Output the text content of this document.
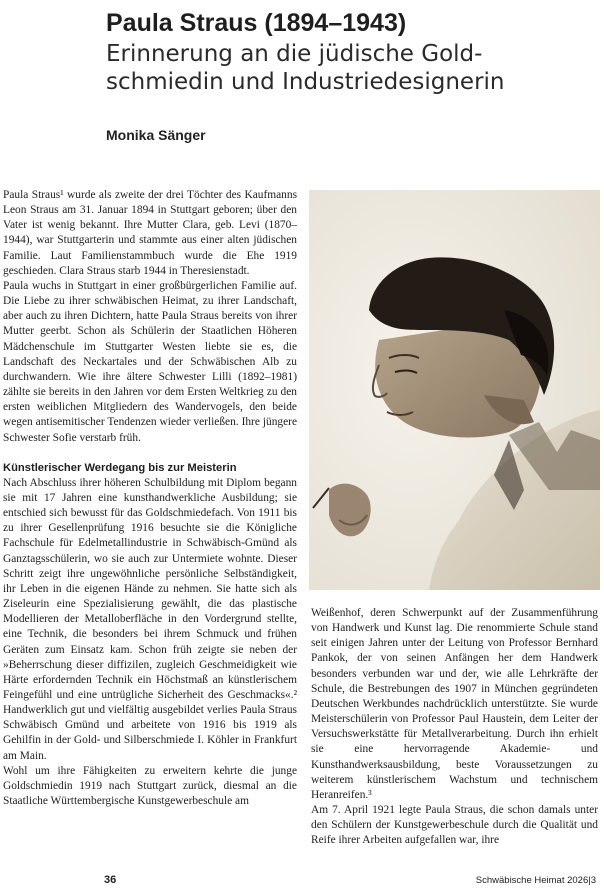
Paula Straus (1894–1943)
Erinnerung an die jüdische Gold-
schmiedin und Industriedesignerin
Monika Sänger

Paula Straus¹ wurde als zweite der drei Töchter des Kaufmanns Leon Straus am 31. Januar 1894 in Stuttgart geboren; über den Vater ist wenig bekannt. Ihre Mutter Clara, geb. Levi (1870–1944), war Stuttgarterin und stammte aus einer alten jüdischen Familie. Laut Familienstammbuch wurde die Ehe 1919 geschieden. Clara Straus starb 1944 in Theresienstadt.

Paula wuchs in Stuttgart in einer großbürgerlichen Familie auf. Die Liebe zu ihrer schwäbischen Heimat, zu ihrer Landschaft, aber auch zu ihren Dichtern, hatte Paula Straus bereits von ihrer Mutter geerbt. Schon als Schülerin der Staatlichen Höheren Mädchenschule im Stuttgarter Westen liebte sie es, die Landschaft des Neckartales und der Schwäbischen Alb zu durchwandern. Wie ihre ältere Schwester Lilli (1892–1981) zählte sie bereits in den Jahren vor dem Ersten Weltkrieg zu den ersten weiblichen Mitgliedern des Wandervogels, den beide wegen antisemitischer Tendenzen wieder verließen. Ihre jüngere Schwester Sofie verstarb früh.

Künstlerischer Werdegang bis zur Meisterin

Nach Abschluss ihrer höheren Schulbildung mit Diplom begann sie mit 17 Jahren eine kunsthandwerkliche Ausbildung; sie entschied sich bewusst für das Goldschmiedefach. Von 1911 bis zu ihrer Gesellenprüfung 1916 besuchte sie die Königliche Fachschule für Edelmetallindustrie in Schwäbisch-Gmünd als Ganztagsschülerin, wo sie auch zur Untermiete wohnte. Dieser Schritt zeigt ihre ungewöhnliche persönliche Selbständigkeit, ihr Leben in die eigenen Hände zu nehmen. Sie hatte sich als Ziseleurin eine Spezialisierung gewählt, die das plastische Modellieren der Metalloberfläche in den Vordergrund stellte, eine Technik, die besonders bei ihrem Schmuck und frühen Geräten zum Einsatz kam. Schon früh zeigte sie neben der »Beherrschung dieser diffizilen, zugleich Geschmeidigkeit wie Härte erfordernden Technik ein Höchstmaß an künstlerischem Feingefühl und eine untrügliche Sicherheit des Geschmacks«.² Handwerklich gut und vielfältig ausgebildet verlies Paula Straus Schwäbisch Gmünd und arbeitete von 1916 bis 1919 als Gehilfin in der Gold- und Silberschmiede I. Köhler in Frankfurt am Main.

Wohl um ihre Fähigkeiten zu erweitern kehrte die junge Goldschmiedin 1919 nach Stuttgart zurück, diesmal an die Staatliche Württembergische Kunstgewerbeschule am

Weißenhof, deren Schwerpunkt auf der Zusammenführung von Handwerk und Kunst lag. Die renommierte Schule stand seit einigen Jahren unter der Leitung von Professor Bernhard Pankok, der von seinen Anfängen her dem Handwerk besonders verbunden war und der, wie alle Lehrkräfte der Schule, die Bestrebungen des 1907 in München gegründeten Deutschen Werkbundes nachdrücklich unterstützte. Sie wurde Meisterschülerin von Professor Paul Haustein, dem Leiter der Versuchswerkstätte für Metallverarbeitung. Durch ihn erhielt sie eine hervorragende Akademie- und Kunsthandwerksausbildung, beste Voraussetzungen zu weiterem künstlerischem Wachstum und technischem Heranreifen.³

Am 7. April 1921 legte Paula Straus, die schon damals unter den Schülern der Kunstgewerbeschule durch die Qualität und Reife ihrer Arbeiten aufgefallen war, ihre

36	Schwäbische Heimat 2026|3
